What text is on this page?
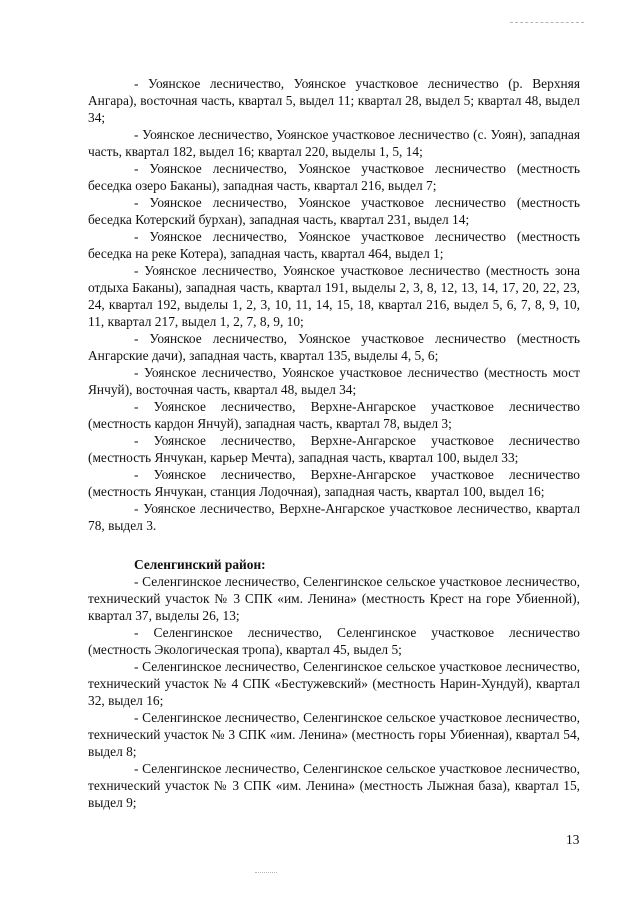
- Уоянское лесничество, Уоянское участковое лесничество (р. Верхняя Ангара), восточная часть, квартал 5, выдел 11; квартал 28, выдел 5; квартал 48, выдел 34;

- Уоянское лесничество, Уоянское участковое лесничество (с. Уоян), западная часть, квартал 182, выдел 16; квартал 220, выделы 1, 5, 14;

- Уоянское лесничество, Уоянское участковое лесничество (местность беседка озеро Баканы), западная часть, квартал 216, выдел 7;

- Уоянское лесничество, Уоянское участковое лесничество (местность беседка Котерский бурхан), западная часть, квартал 231, выдел 14;

- Уоянское лесничество, Уоянское участковое лесничество (местность беседка на реке Котера), западная часть, квартал 464, выдел 1;

- Уоянское лесничество, Уоянское участковое лесничество (местность зона отдыха Баканы), западная часть, квартал 191, выделы 2, 3, 8, 12, 13, 14, 17, 20, 22, 23, 24, квартал 192, выделы 1, 2, 3, 10, 11, 14, 15, 18, квартал 216, выдел 5, 6, 7, 8, 9, 10, 11, квартал 217, выдел 1, 2, 7, 8, 9, 10;

- Уоянское лесничество, Уоянское участковое лесничество (местность Ангарские дачи), западная часть, квартал 135, выделы 4, 5, 6;

- Уоянское лесничество, Уоянское участковое лесничество (местность мост Янчуй), восточная часть, квартал 48, выдел 34;

- Уоянское лесничество, Верхне-Ангарское участковое лесничество (местность кардон Янчуй), западная часть, квартал 78, выдел 3;

- Уоянское лесничество, Верхне-Ангарское участковое лесничество (местность Янчукан, карьер Мечта), западная часть, квартал 100, выдел 33;

- Уоянское лесничество, Верхне-Ангарское участковое лесничество (местность Янчукан, станция Лодочная), западная часть, квартал 100, выдел 16;

- Уоянское лесничество, Верхне-Ангарское участковое лесничество, квартал 78, выдел 3.

Селенгинский район:

- Селенгинское лесничество, Селенгинское сельское участковое лесничество, технический участок № 3 СПК «им. Ленина» (местность Крест на горе Убиенной), квартал 37, выделы 26, 13;

- Селенгинское лесничество, Селенгинское участковое лесничество (местность Экологическая тропа), квартал 45, выдел 5;

- Селенгинское лесничество, Селенгинское сельское участковое лесничество, технический участок № 4 СПК «Бестужевский» (местность Нарин-Хундуй), квартал 32, выдел 16;

- Селенгинское лесничество, Селенгинское сельское участковое лесничество, технический участок № 3 СПК «им. Ленина» (местность горы Убиенная), квартал 54, выдел 8;

- Селенгинское лесничество, Селенгинское сельское участковое лесничество, технический участок № 3 СПК «им. Ленина» (местность Лыжная база), квартал 15, выдел 9;

13
